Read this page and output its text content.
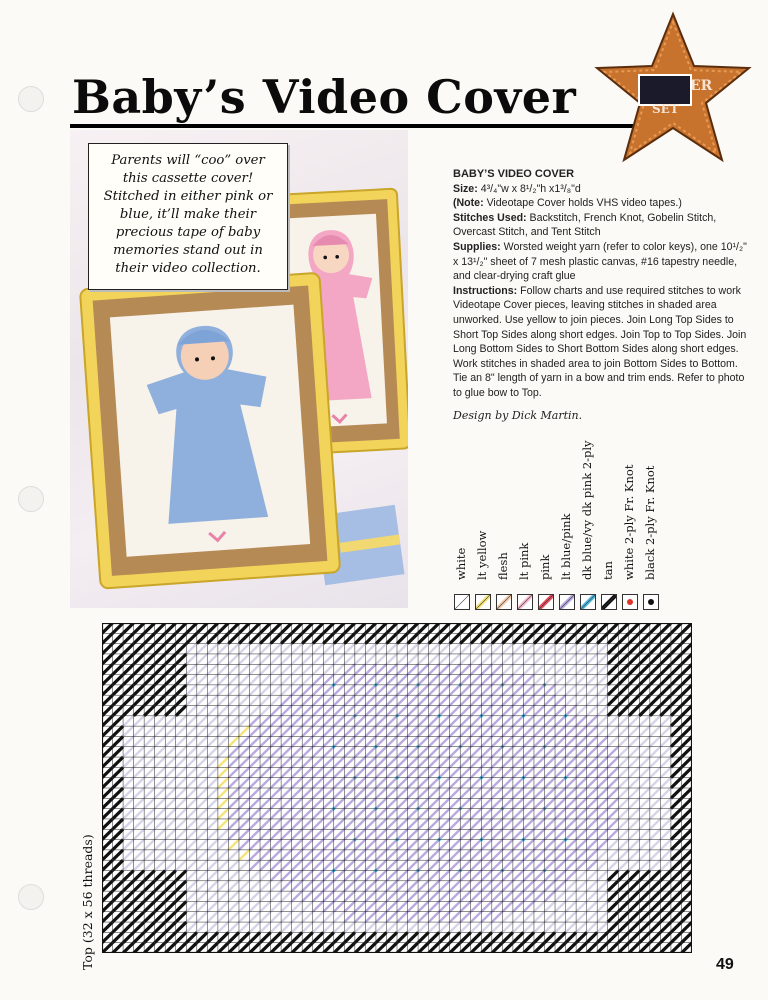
Baby’s Video Cover	ER
SET
Parents will “coo” over this cassette cover! Stitched in either pink or blue, it’ll make their precious tape of baby memories stand out in their video collection.
BABY’S VIDEO COVER
Size: 4³/₄"w x 8¹/₂"h x1³/₈"d
(Note: Videotape Cover holds VHS video tapes.)
Stitches Used: Backstitch, French Knot, Gobelin Stitch, Overcast Stitch, and Tent Stitch
Supplies: Worsted weight yarn (refer to color keys), one 10¹/₂" x 13¹/₂" sheet of 7 mesh plastic canvas, #16 tapestry needle, and clear-drying craft glue
Instructions: Follow charts and use required stitches to work Videotape Cover pieces, leaving stitches in shaded area unworked. Use yellow to join pieces. Join Long Top Sides to Short Top Sides along short edges. Join Top to Top Sides. Join Long Bottom Sides to Short Bottom Sides along short edges. Work stitches in shaded area to join Bottom Sides to Bottom. Tie an 8" length of yarn in a bow and trim ends. Refer to photo to glue bow to Top.
Design by Dick Martin.
white lt yellow flesh lt pink pink lt blue/pink dk blue/vy dk pink 2-ply tan white 2-ply Fr. Knot black 2-ply Fr. Knot
Top (32 x 56 threads)	49
